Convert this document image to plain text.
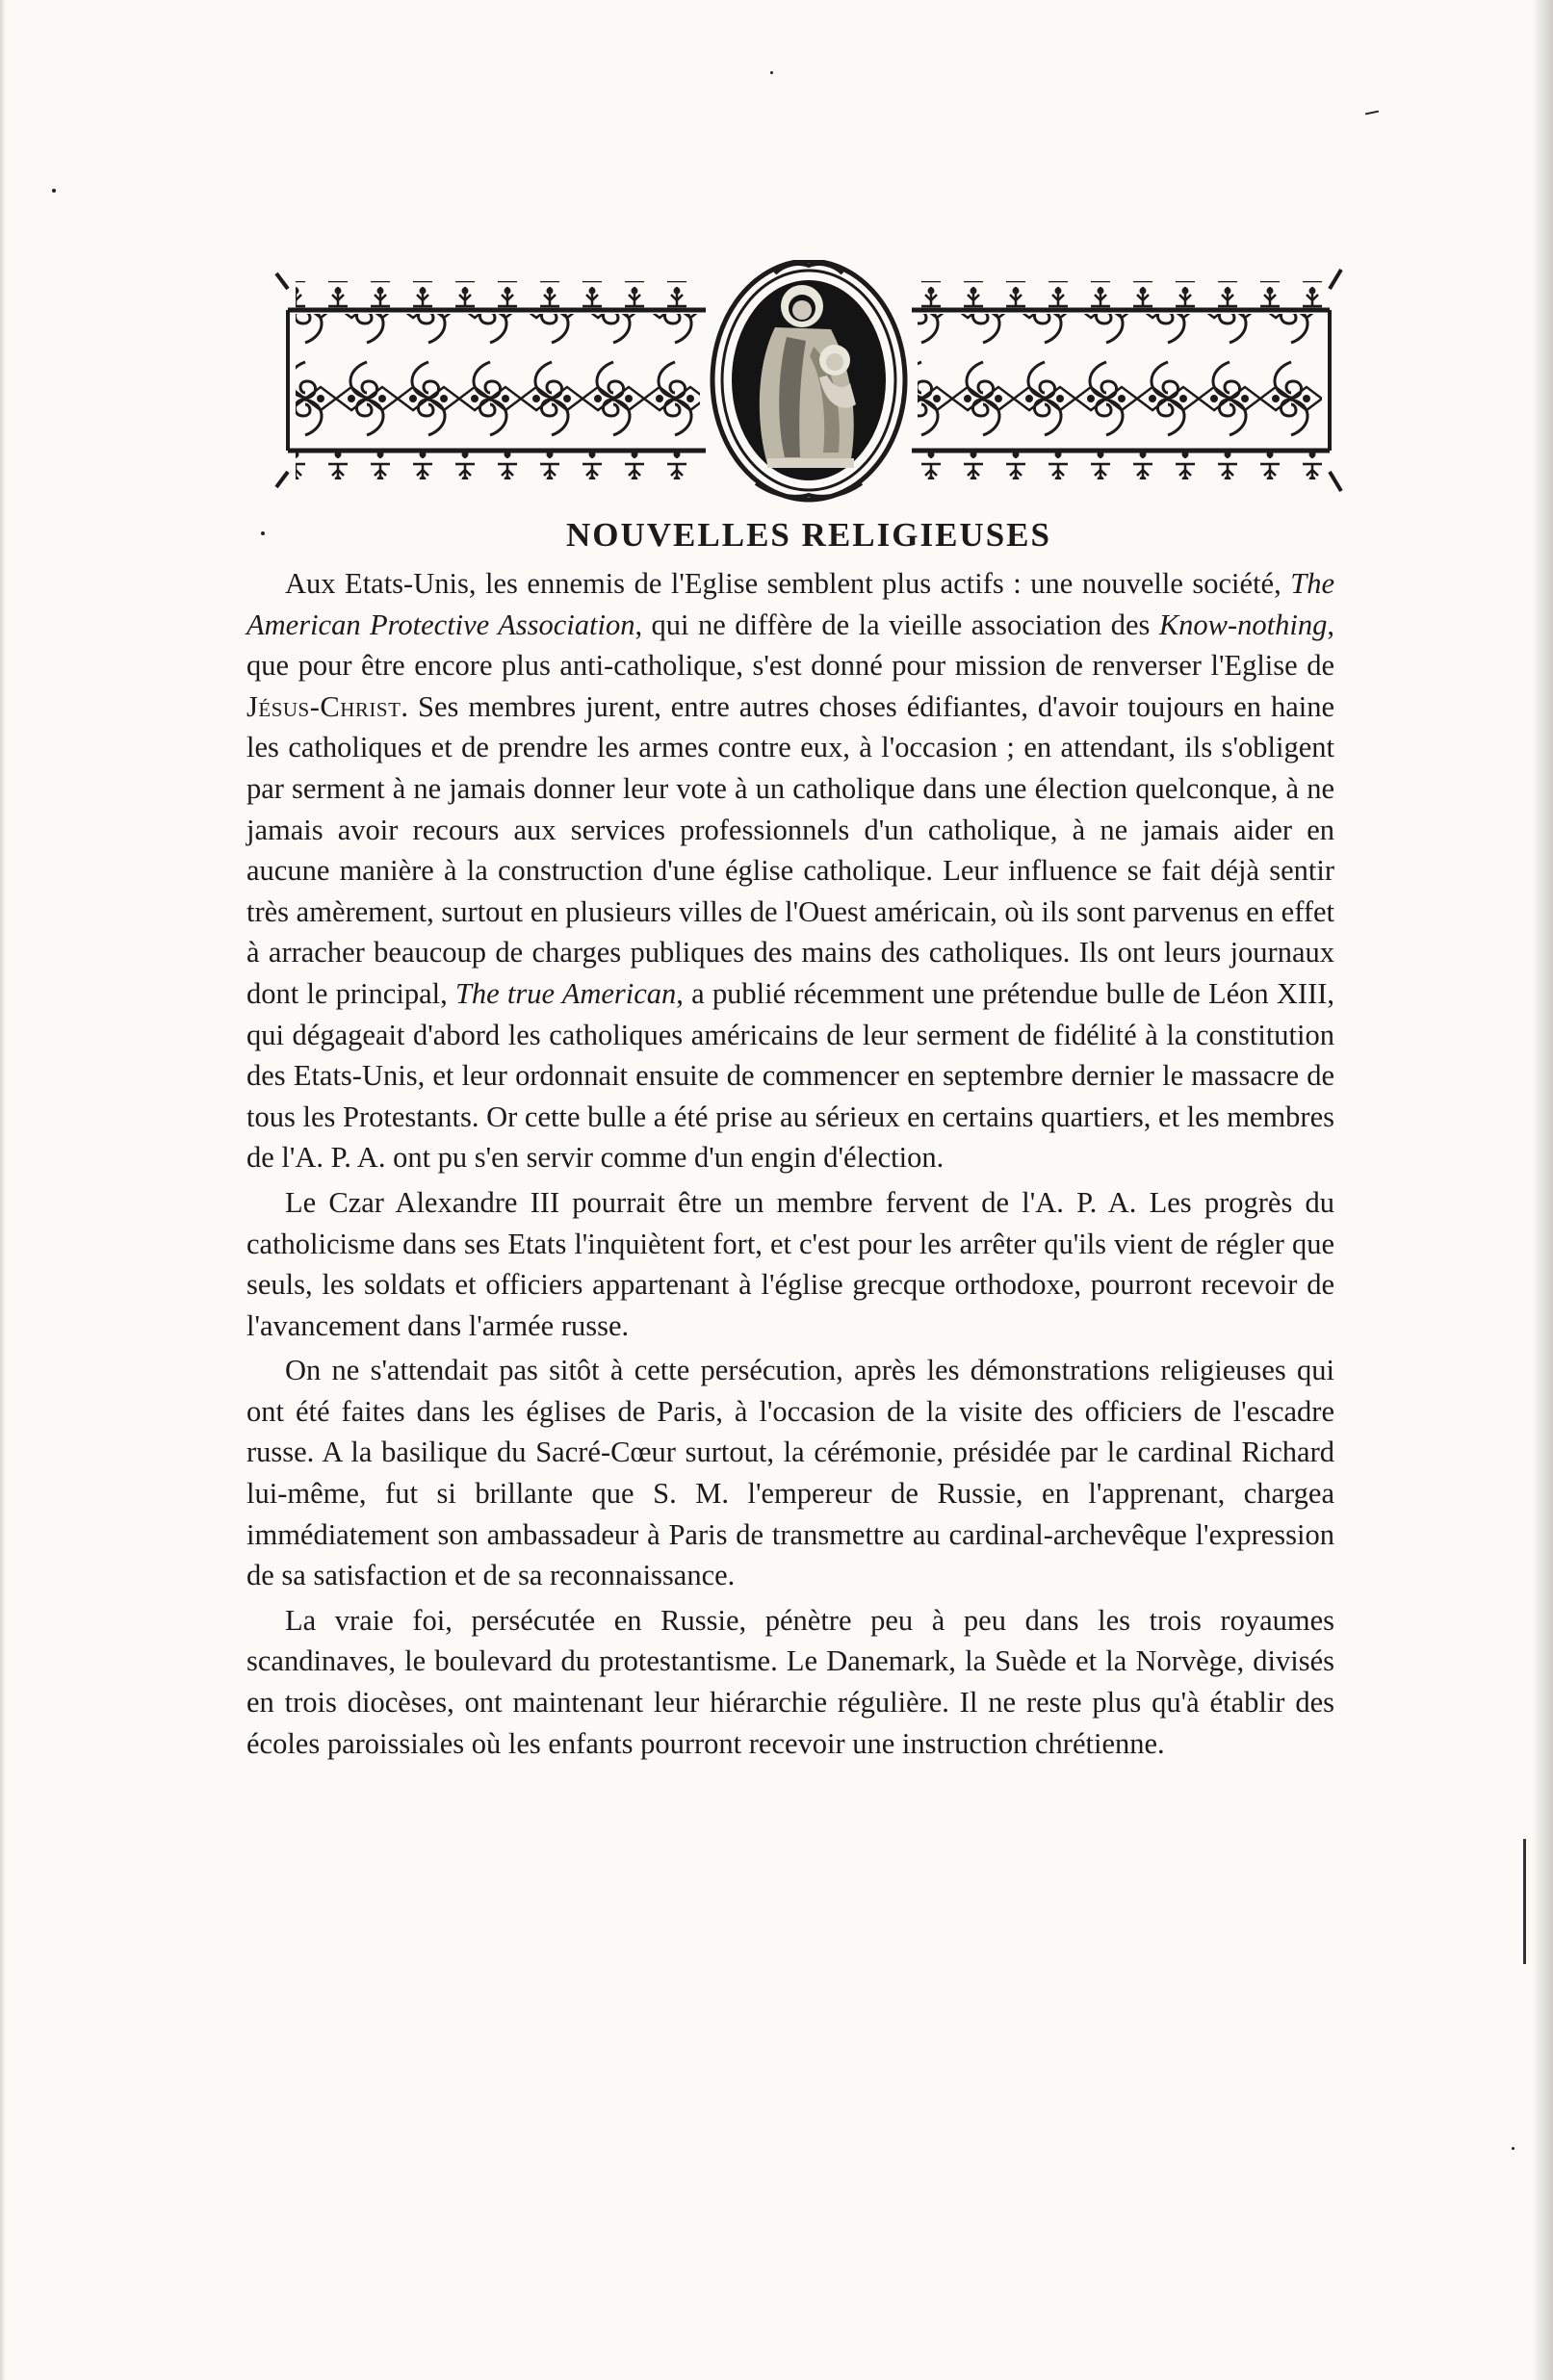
NOUVELLES RELIGIEUSES

Aux Etats-Unis, les ennemis de l'Eglise semblent plus actifs : une nouvelle société, The American Protective Association, qui ne diffère de la vieille association des Know-nothing, que pour être encore plus anti-catholique, s'est donné pour mission de renverser l'Eglise de Jésus-Christ. Ses membres jurent, entre autres choses édifiantes, d'avoir toujours en haine les catholiques et de prendre les armes contre eux, à l'occasion ; en attendant, ils s'obligent par serment à ne jamais donner leur vote à un catholique dans une élection quelconque, à ne jamais avoir recours aux services professionnels d'un catholique, à ne jamais aider en aucune manière à la construction d'une église catholique. Leur influence se fait déjà sentir très amèrement, surtout en plusieurs villes de l'Ouest américain, où ils sont parvenus en effet à arracher beaucoup de charges publiques des mains des catholiques. Ils ont leurs journaux dont le principal, The true American, a publié récemment une prétendue bulle de Léon XIII, qui dégageait d'abord les catholiques américains de leur serment de fidélité à la constitution des Etats-Unis, et leur ordonnait ensuite de commencer en septembre dernier le massacre de tous les Protestants. Or cette bulle a été prise au sérieux en certains quartiers, et les membres de l'A. P. A. ont pu s'en servir comme d'un engin d'élection.

Le Czar Alexandre III pourrait être un membre fervent de l'A. P. A. Les progrès du catholicisme dans ses Etats l'inquiètent fort, et c'est pour les arrêter qu'ils vient de régler que seuls, les soldats et officiers appartenant à l'église grecque orthodoxe, pourront recevoir de l'avancement dans l'armée russe.

On ne s'attendait pas sitôt à cette persécution, après les démonstrations religieuses qui ont été faites dans les églises de Paris, à l'occasion de la visite des officiers de l'escadre russe. A la basilique du Sacré-Cœur surtout, la cérémonie, présidée par le cardinal Richard lui-même, fut si brillante que S. M. l'empereur de Russie, en l'apprenant, chargea immédiatement son ambassadeur à Paris de transmettre au cardinal-archevêque l'expression de sa satisfaction et de sa reconnaissance.

La vraie foi, persécutée en Russie, pénètre peu à peu dans les trois royaumes scandinaves, le boulevard du protestantisme. Le Danemark, la Suède et la Norvège, divisés en trois diocèses, ont maintenant leur hiérarchie régulière. Il ne reste plus qu'à établir des écoles paroissiales où les enfants pourront recevoir une instruction chrétienne.
